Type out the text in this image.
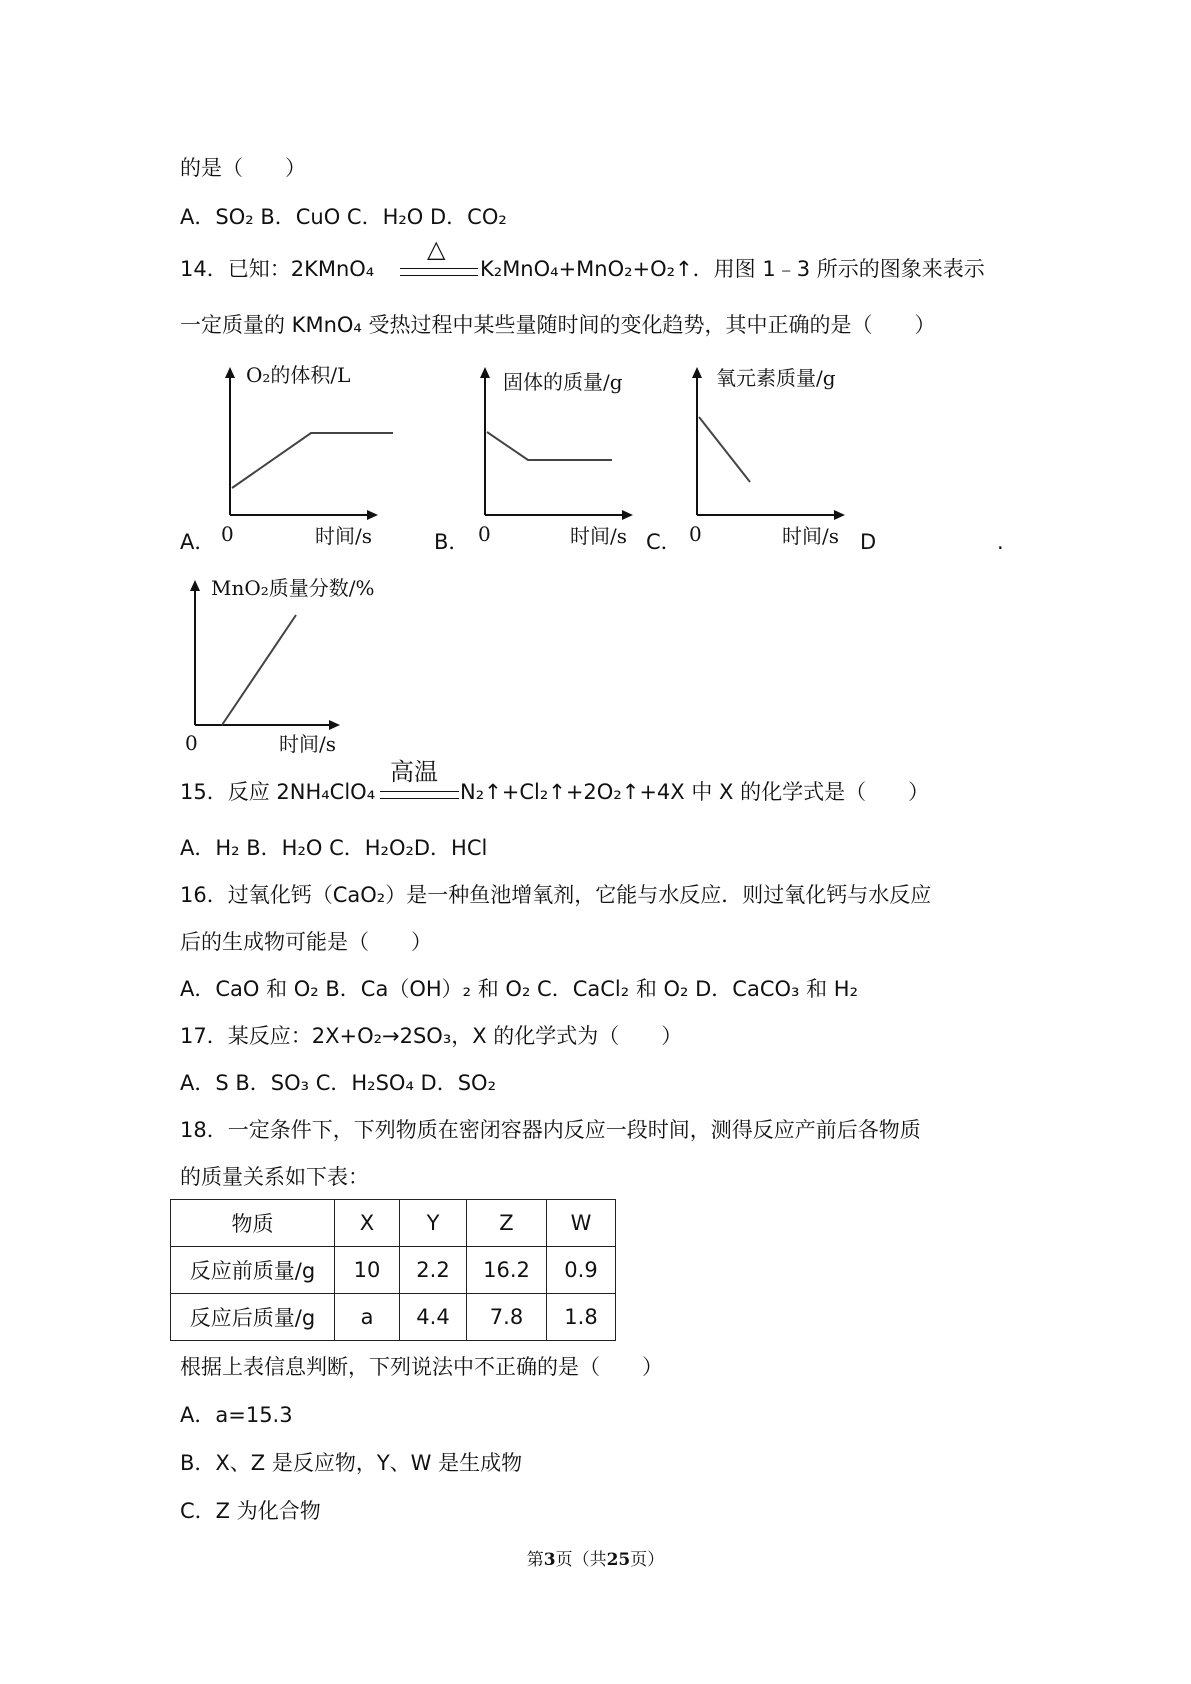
的是（　　）
A．SO₂ B．CuO C．H₂O D．CO₂
14．已知：2KMnO₄
△
K₂MnO₄+MnO₂+O₂↑．用图 1﹣3 所示的图象来表示
一定质量的 KMnO₄ 受热过程中某些量随时间的变化趋势，其中正确的是（　　）
O₂的体积/L
0	时间/s
A．
固体的质量/g
0	时间/s
B．
氧元素质量/g
0	时间/s
C．	D	.
MnO₂质量分数/%
0	时间/s
15．反应 2NH₄ClO₄
高温
N₂↑+Cl₂↑+2O₂↑+4X 中 X 的化学式是（　　）
A．H₂ B．H₂O C．H₂O₂D．HCl
16．过氧化钙（CaO₂）是一种鱼池增氧剂，它能与水反应．则过氧化钙与水反应
后的生成物可能是（　　）
A．CaO 和 O₂ B．Ca（OH）₂ 和 O₂ C．CaCl₂ 和 O₂ D．CaCO₃ 和 H₂
17．某反应：2X+O₂→2SO₃，X 的化学式为（　　）
A．S B．SO₃ C．H₂SO₄ D．SO₂
18．一定条件下，下列物质在密闭容器内反应一段时间，测得反应产前后各物质
的质量关系如下表：
物质	X	Y	Z	W
反应前质量/g	10	2.2	16.2	0.9
反应后质量/g	a	4.4	7.8	1.8
根据上表信息判断，下列说法中不正确的是（　　）
A．a=15.3
B．X、Z 是反应物，Y、W 是生成物
C．Z 为化合物
第3页（共25页）
